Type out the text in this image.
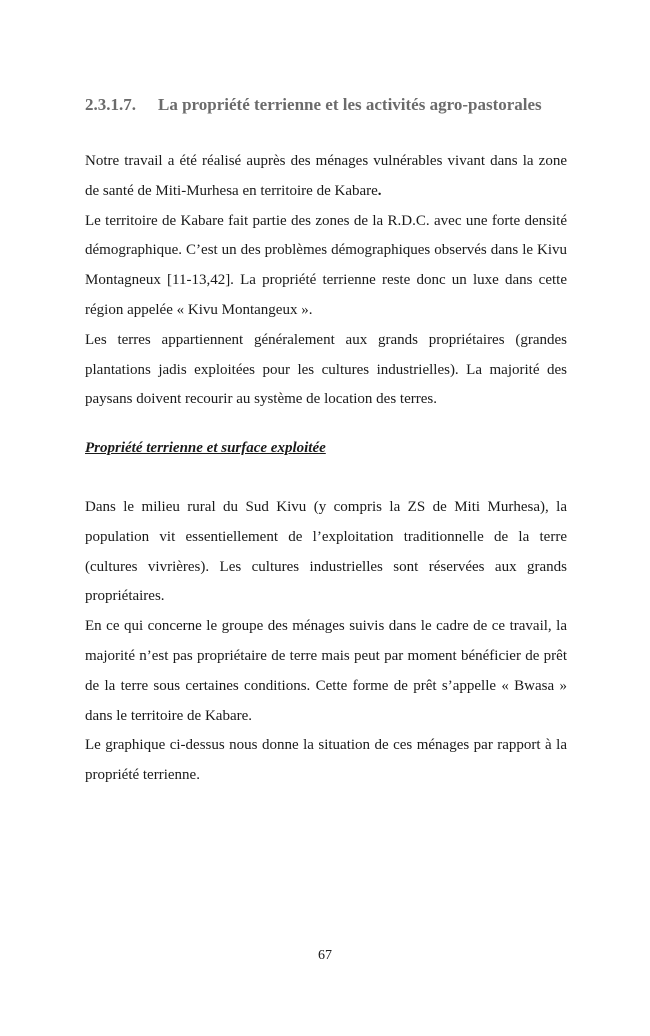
2.3.1.7.	La propriété terrienne et les activités agro-pastorales

Notre travail a été réalisé auprès des ménages vulnérables vivant dans la zone de santé de Miti-Murhesa en territoire de Kabare.

Le territoire de Kabare fait partie des zones de la R.D.C. avec une forte densité démographique. C’est un des problèmes démographiques observés dans le Kivu Montagneux [11-13,42]. La propriété terrienne reste donc un luxe dans cette région appelée « Kivu Montangeux ».

Les terres appartiennent généralement aux grands propriétaires (grandes plantations jadis exploitées pour les cultures industrielles). La majorité des paysans doivent recourir au système de location des terres.

Propriété terrienne et surface exploitée

Dans le milieu rural du Sud Kivu (y compris la ZS de Miti Murhesa), la population vit essentiellement de l’exploitation traditionnelle de la terre (cultures vivrières). Les cultures industrielles sont réservées aux grands propriétaires.

En ce qui concerne le groupe des ménages suivis dans le cadre de ce travail, la majorité n’est pas propriétaire de terre mais peut par moment bénéficier de prêt de la terre sous certaines conditions. Cette forme de prêt s’appelle « Bwasa » dans le territoire de Kabare.

Le graphique ci-dessus nous donne la situation de ces ménages par rapport à la propriété terrienne.

67
